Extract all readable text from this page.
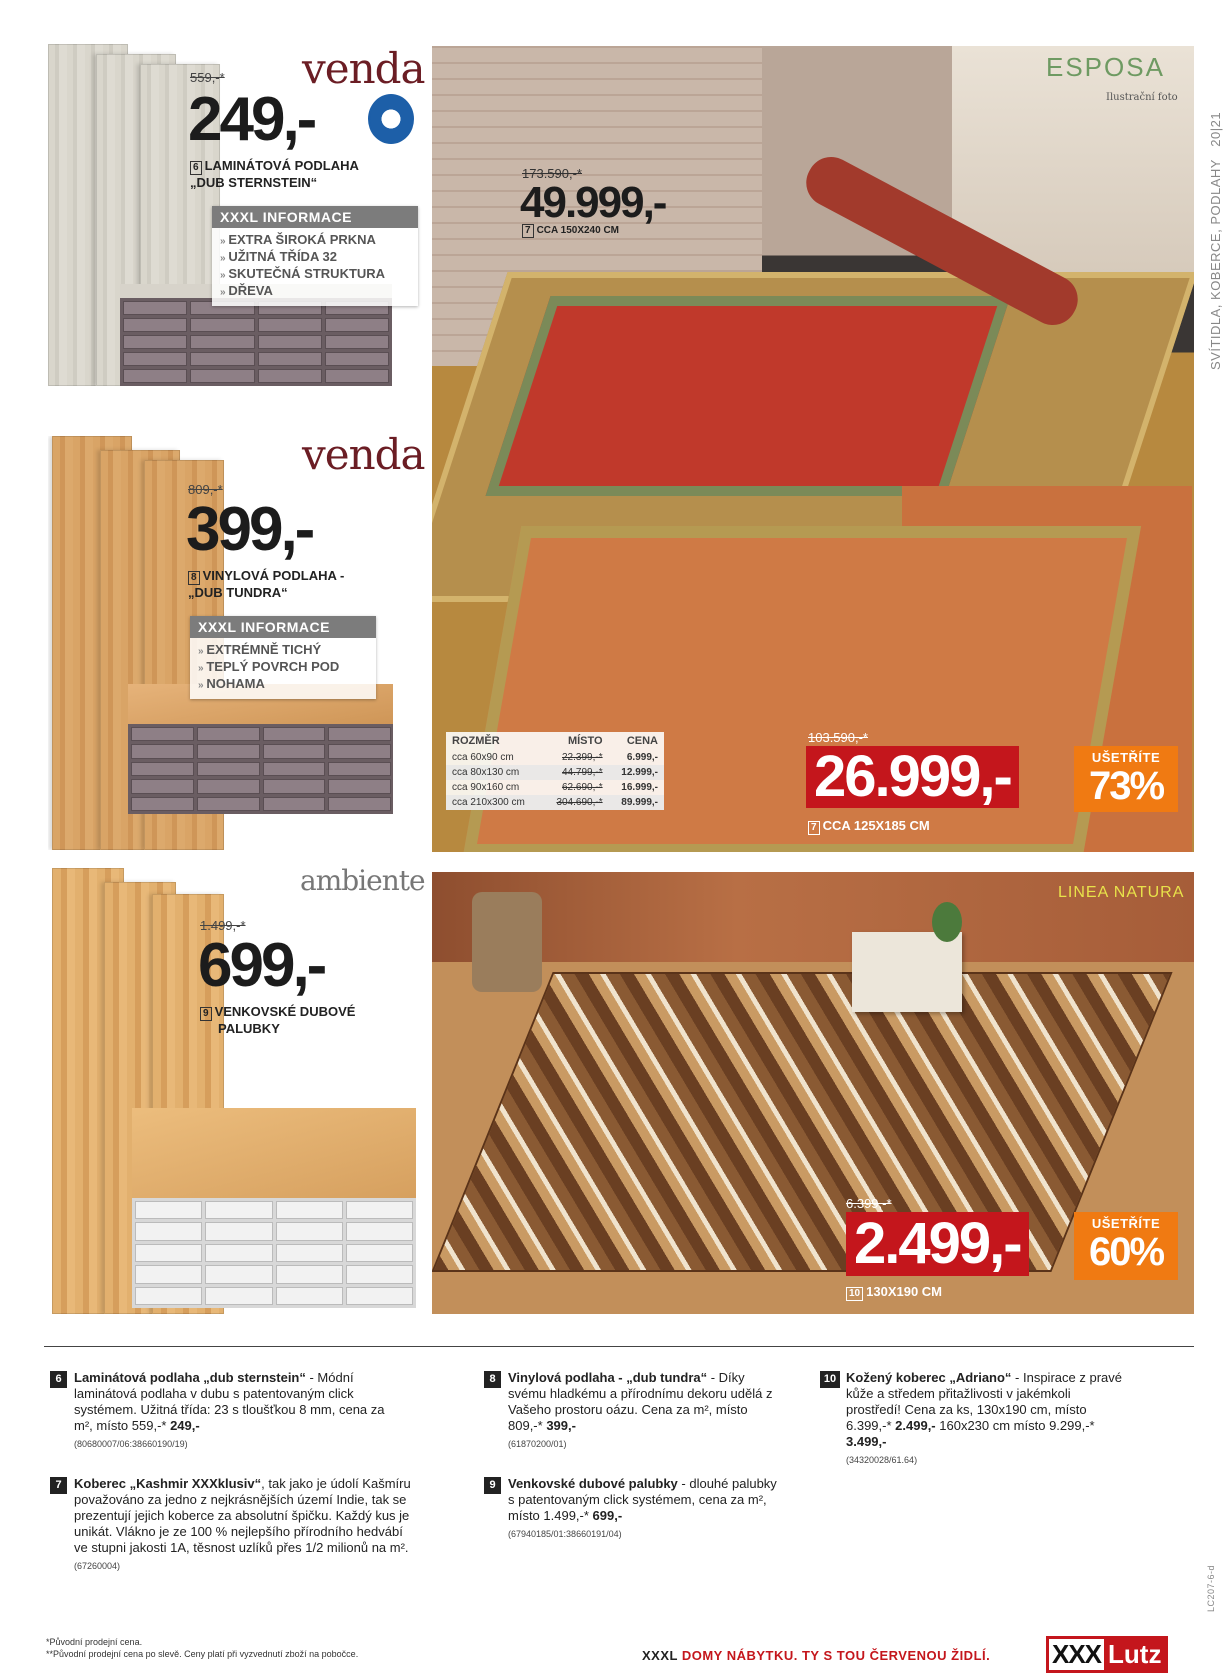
venda
559,-*
249,-
6 LAMINÁTOVÁ PODLAHA
„DUB STERNSTEIN“
XXXL INFORMACE
» EXTRA ŠIROKÁ PRKNA
» UŽITNÁ TŘÍDA 32
» SKUTEČNÁ STRUKTURA
» DŘEVA
venda
809,-*
399,-
8 VINYLOVÁ PODLAHA -
„DUB TUNDRA“
XXXL INFORMACE
» EXTRÉMNĚ TICHÝ
» TEPLÝ POVRCH POD
» NOHAMA
ambiente
1.499,-*
699,-
9 VENKOVSKÉ DUBOVÉ
PALUBKY
ESPOSA
Ilustrační foto
173.590,-*
49.999,-
7 CCA 150X240 CM
ROZMĚR	MÍSTO	CENA
cca 60x90 cm	22.399,-*	6.999,-
cca 80x130 cm	44.799,-*	12.999,-
cca 90x160 cm	62.690,-*	16.999,-
cca 210x300 cm	304.690,-*	89.999,-
103.590,-*
26.999,-	UŠETŘÍTE
73%
7 CCA 125X185 CM
LINEA NATURA
6.399,-*
2.499,-	UŠETŘÍTE
60%
10 130X190 CM
SVÍTIDLA, KOBERCE, PODLAHY   20|21
LC207-6-d
6 Laminátová podlaha „dub sternstein“ - Módní laminátová podlaha v dubu s patentovaným click systémem. Užitná třída: 23 s tloušťkou 8 mm, cena za m², místo 559,-* 249,-
(80680007/06:38660190/19)
7 Koberec „Kashmir XXXklusiv“, tak jako je údolí Kašmíru považováno za jedno z nejkrásnějších území Indie, tak se prezentují jejich koberce za absolutní špičku. Každý kus je unikát. Vlákno je ze 100 % nejlepšího přírodního hedvábí ve stupni jakosti 1A, těsnost uzlíků přes 1/2 milionů na m².
(67260004)
8 Vinylová podlaha - „dub tundra“ - Díky svému hladkému a přírodnímu dekoru udělá z Vašeho prostoru oázu. Cena za m², místo 809,-* 399,-
(61870200/01)
9 Venkovské dubové palubky - dlouhé palubky s patentovaným click systémem, cena za m², místo 1.499,-* 699,-
(67940185/01:38660191/04)
10 Kožený koberec „Adriano“ - Inspirace z pravé kůže a středem přitažlivosti v jakémkoli prostředí! Cena za ks, 130x190 cm, místo 6.399,-* 2.499,- 160x230 cm místo 9.299,-* 3.499,-
(34320028/61.64)
*Původní prodejní cena.
**Původní prodejní cena po slevě. Ceny platí při vyzvednutí zboží na pobočce.	XXXL DOMY NÁBYTKU. TY S TOU ČERVENOU ŽIDLÍ. XXX Lutz
